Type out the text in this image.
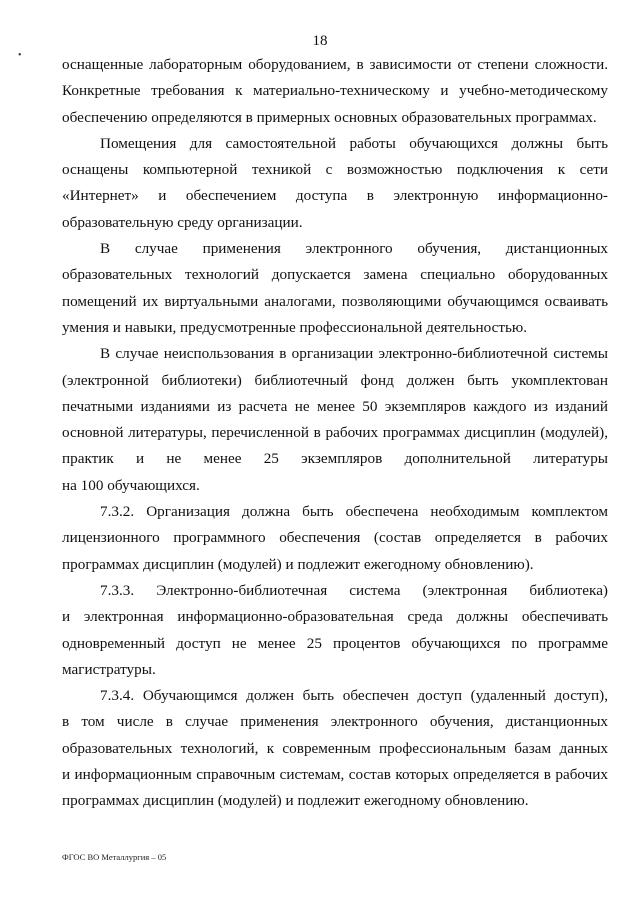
18
•
оснащенные лабораторным оборудованием, в зависимости от степени сложности.
Конкретные требования к материально-техническому и учебно-методическому
обеспечению определяются в примерных основных образовательных программах.
Помещения для самостоятельной работы обучающихся должны быть
оснащены компьютерной техникой с возможностью подключения к сети
«Интернет» и обеспечением доступа в электронную информационно-
образовательную среду организации.
В случае применения электронного обучения, дистанционных
образовательных технологий допускается замена специально оборудованных
помещений их виртуальными аналогами, позволяющими обучающимся осваивать
умения и навыки, предусмотренные профессиональной деятельностью.
В случае неиспользования в организации электронно-библиотечной системы
(электронной библиотеки) библиотечный фонд должен быть укомплектован
печатными изданиями из расчета не менее 50 экземпляров каждого из изданий
основной литературы, перечисленной в рабочих программах дисциплин (модулей),
практик и не менее 25 экземпляров дополнительной литературы
на 100 обучающихся.
7.3.2. Организация должна быть обеспечена необходимым комплектом
лицензионного программного обеспечения (состав определяется в рабочих
программах дисциплин (модулей) и подлежит ежегодному обновлению).
7.3.3. Электронно-библиотечная система (электронная библиотека)
и электронная информационно-образовательная среда должны обеспечивать
одновременный доступ не менее 25 процентов обучающихся по программе
магистратуры.
7.3.4. Обучающимся должен быть обеспечен доступ (удаленный доступ),
в том числе в случае применения электронного обучения, дистанционных
образовательных технологий, к современным профессиональным базам данных
и информационным справочным системам, состав которых определяется в рабочих
программах дисциплин (модулей) и подлежит ежегодному обновлению.
ФГОС ВО Металлургия – 05
